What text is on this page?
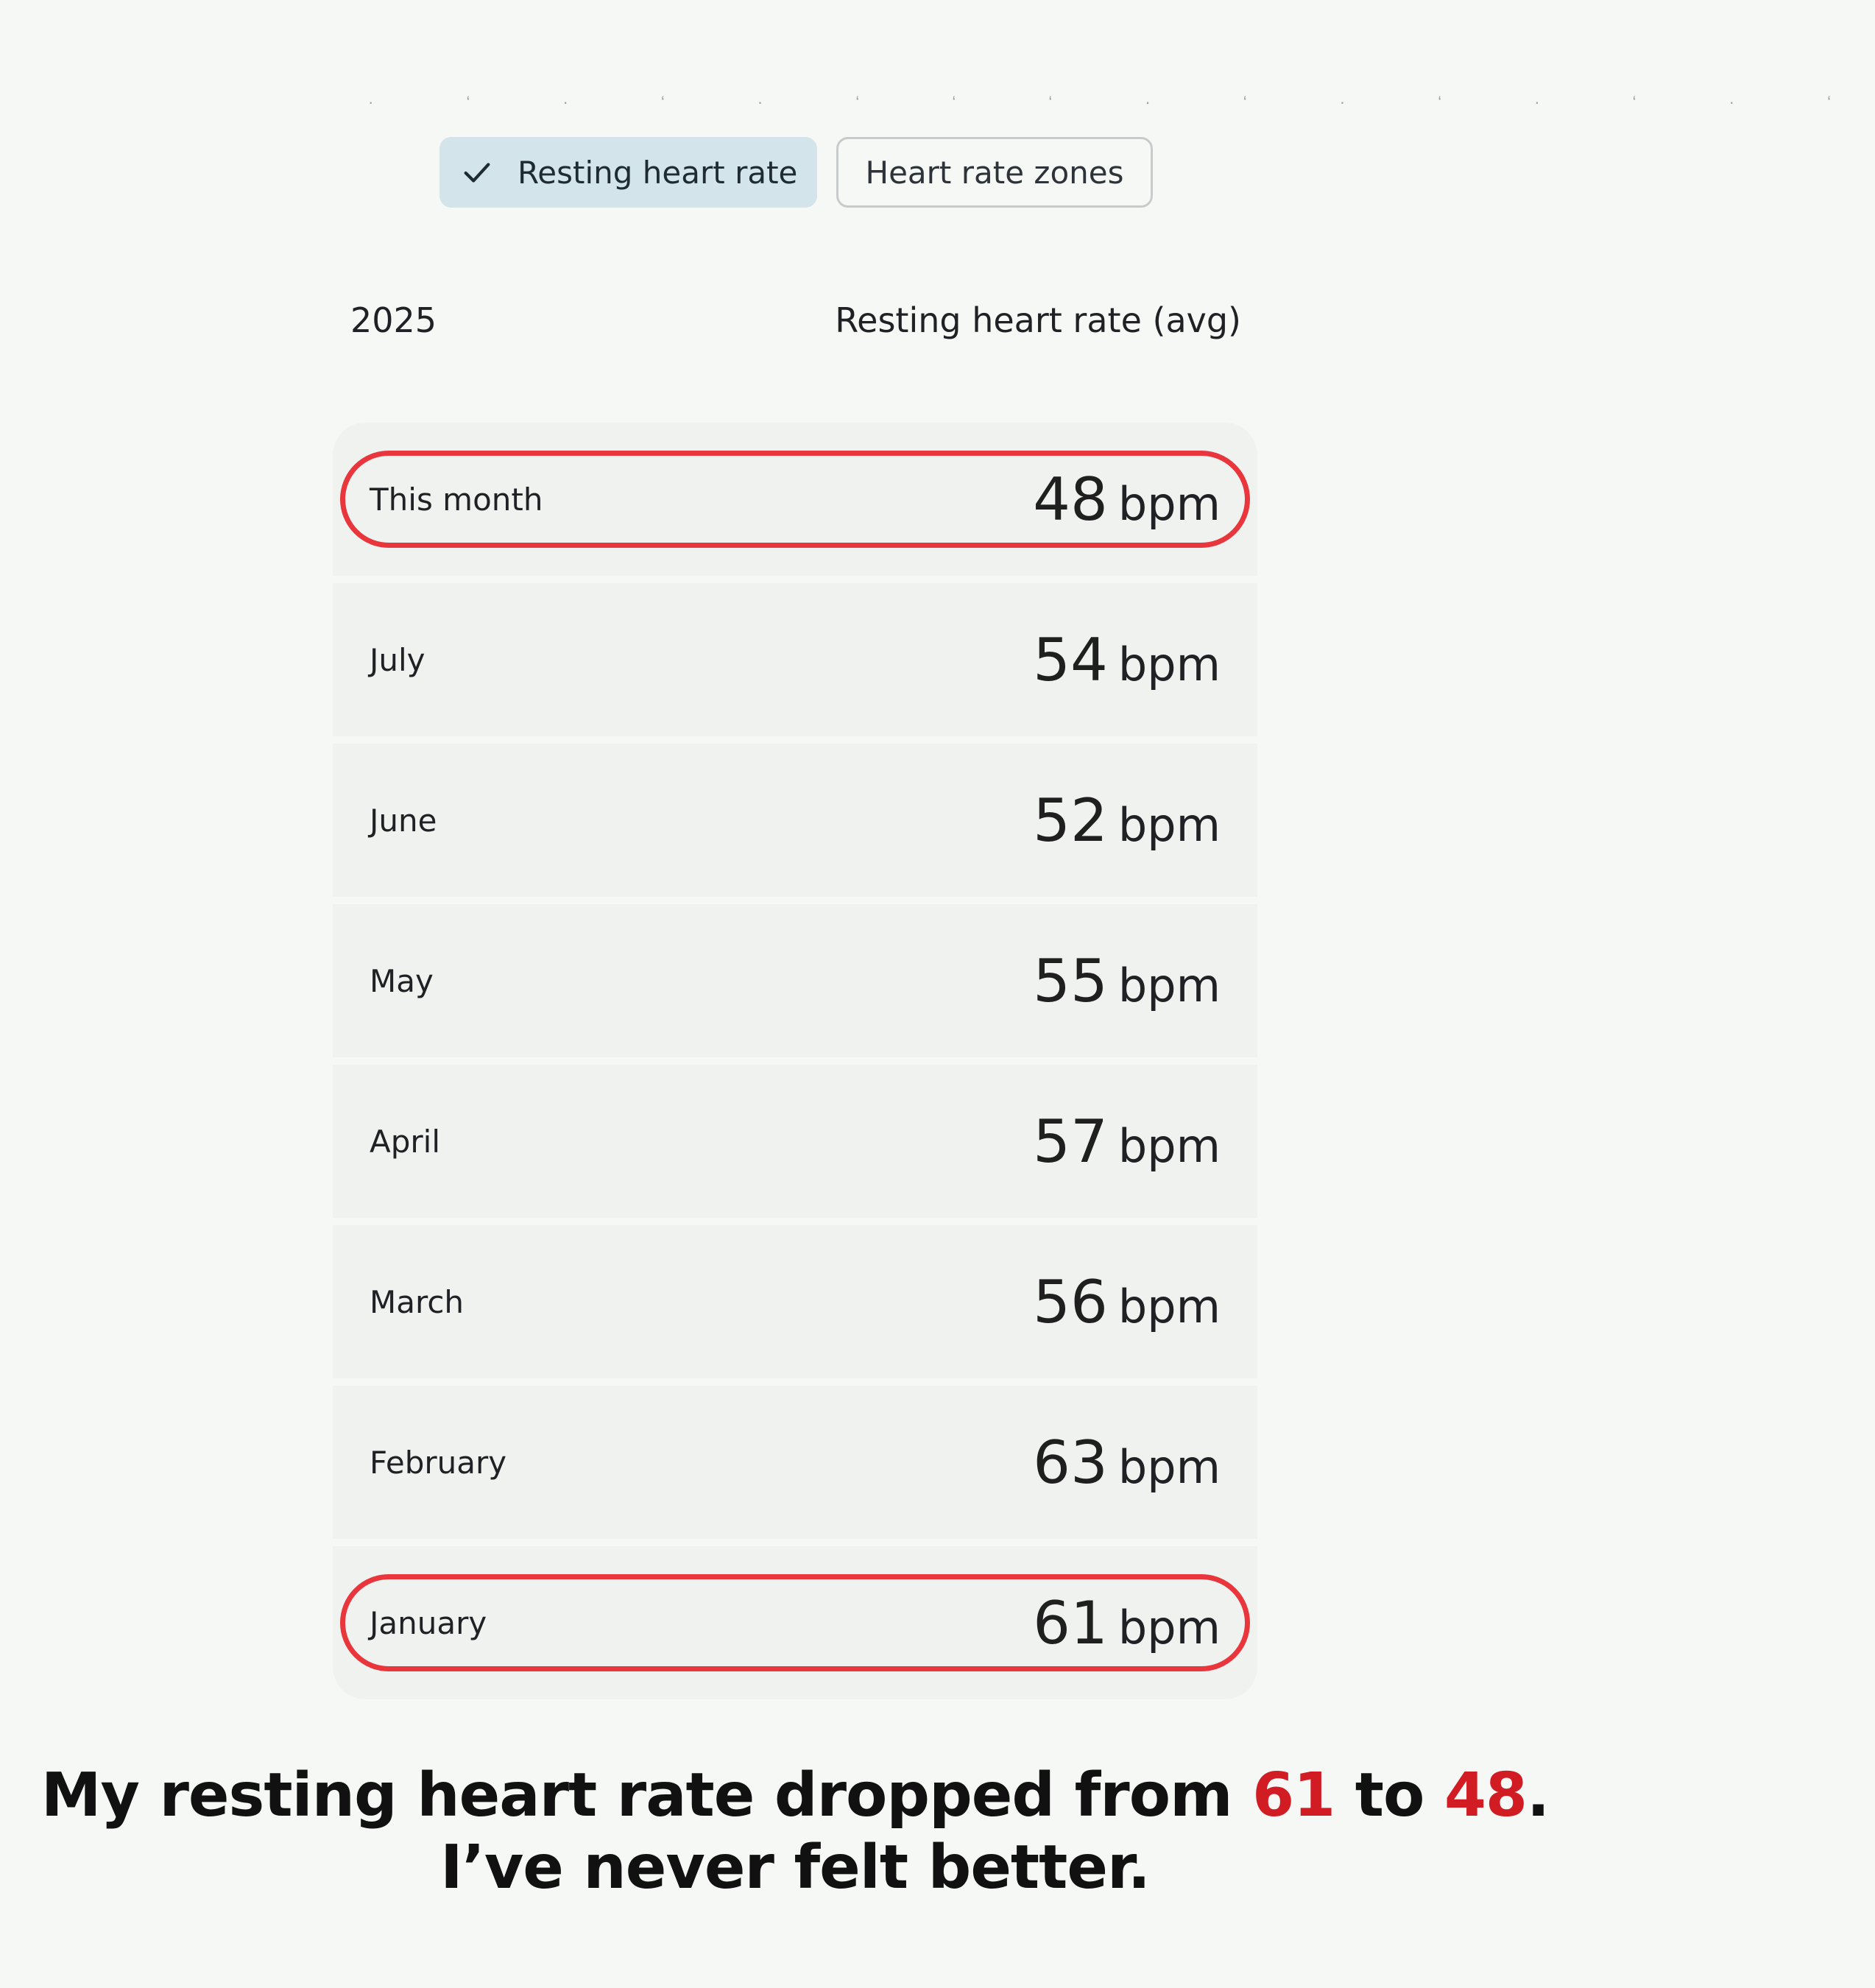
· ‘ · ‘ · ‘ ‘ ‘ · ‘ · ‘ · ‘ · ‘
Resting heart rate Heart rate zones
2025	Resting heart rate (avg)
This month	48 bpm
July	54 bpm
June	52 bpm
May	55 bpm
April	57 bpm
March	56 bpm
February	63 bpm
January	61 bpm
My resting heart rate dropped from 61 to 48.
I’ve never felt better.
